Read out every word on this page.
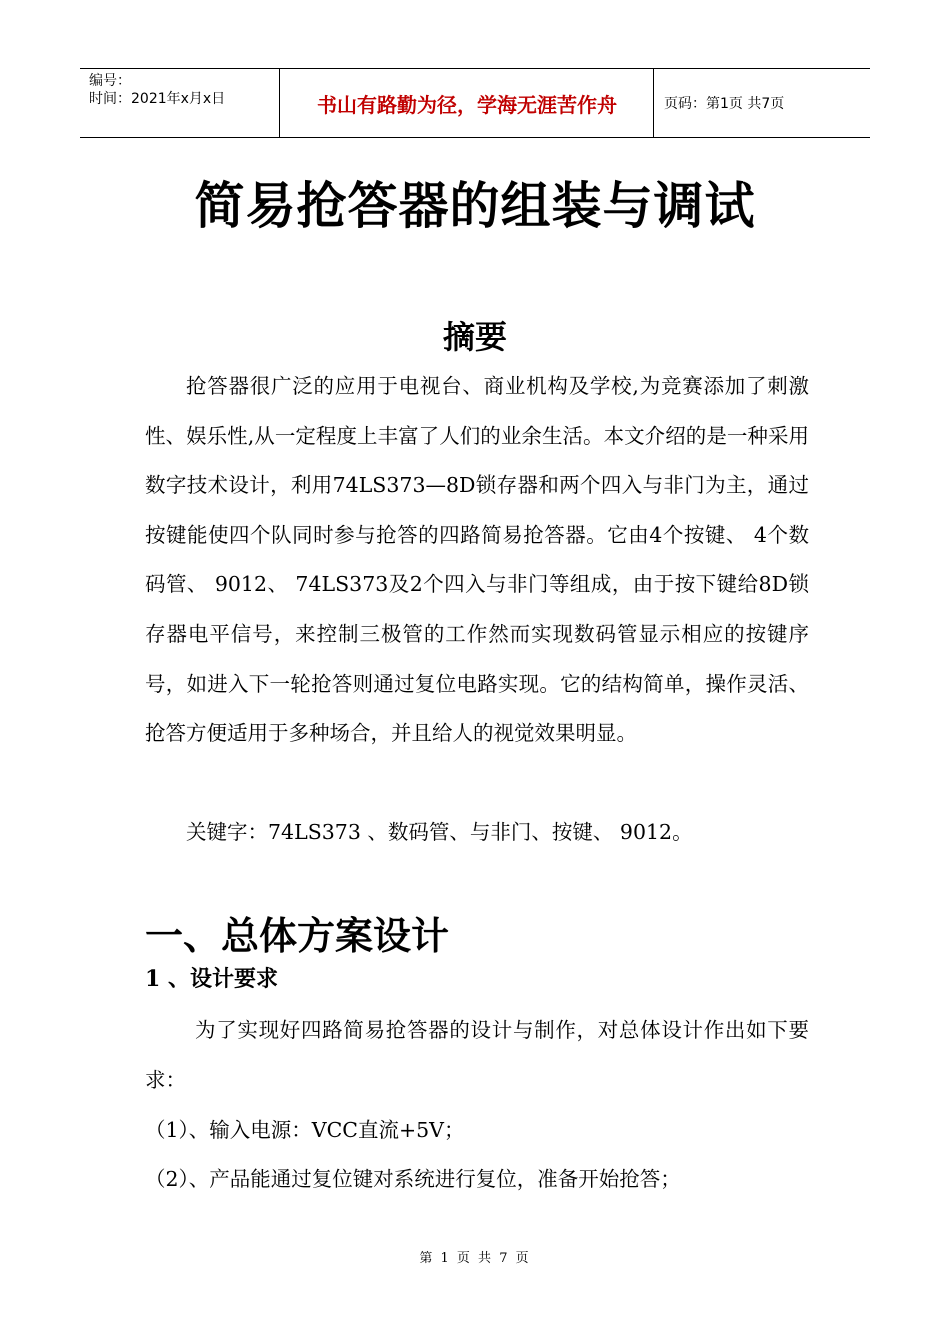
编号：
时间：2021年x月x日	书山有路勤为径，学海无涯苦作舟	页码：第1页 共7页
简易抢答器的组装与调试
摘要

抢答器很广泛的应用于电视台、商业机构及学校,为竞赛添加了刺激性、娱乐性,从一定程度上丰富了人们的业余生活。本文介绍的是一种采用数字技术设计，利用74LS373—8D锁存器和两个四入与非门为主，通过按键能使四个队同时参与抢答的四路简易抢答器。它由4个按键、 4个数码管、 9012、 74LS373及2个四入与非门等组成，由于按下键给8D锁存器电平信号，来控制三极管的工作然而实现数码管显示相应的按键序号，如进入下一轮抢答则通过复位电路实现。它的结构简单，操作灵活、抢答方便适用于多种场合，并且给人的视觉效果明显。

关键字：74LS373 、数码管、与非门、按键、 9012。

一、总体方案设计
1 、设计要求

为了实现好四路简易抢答器的设计与制作，对总体设计作出如下要求：

（1）、输入电源：VCC直流+5V；

（2）、产品能通过复位键对系统进行复位，准备开始抢答；

第 1 页 共 7 页
